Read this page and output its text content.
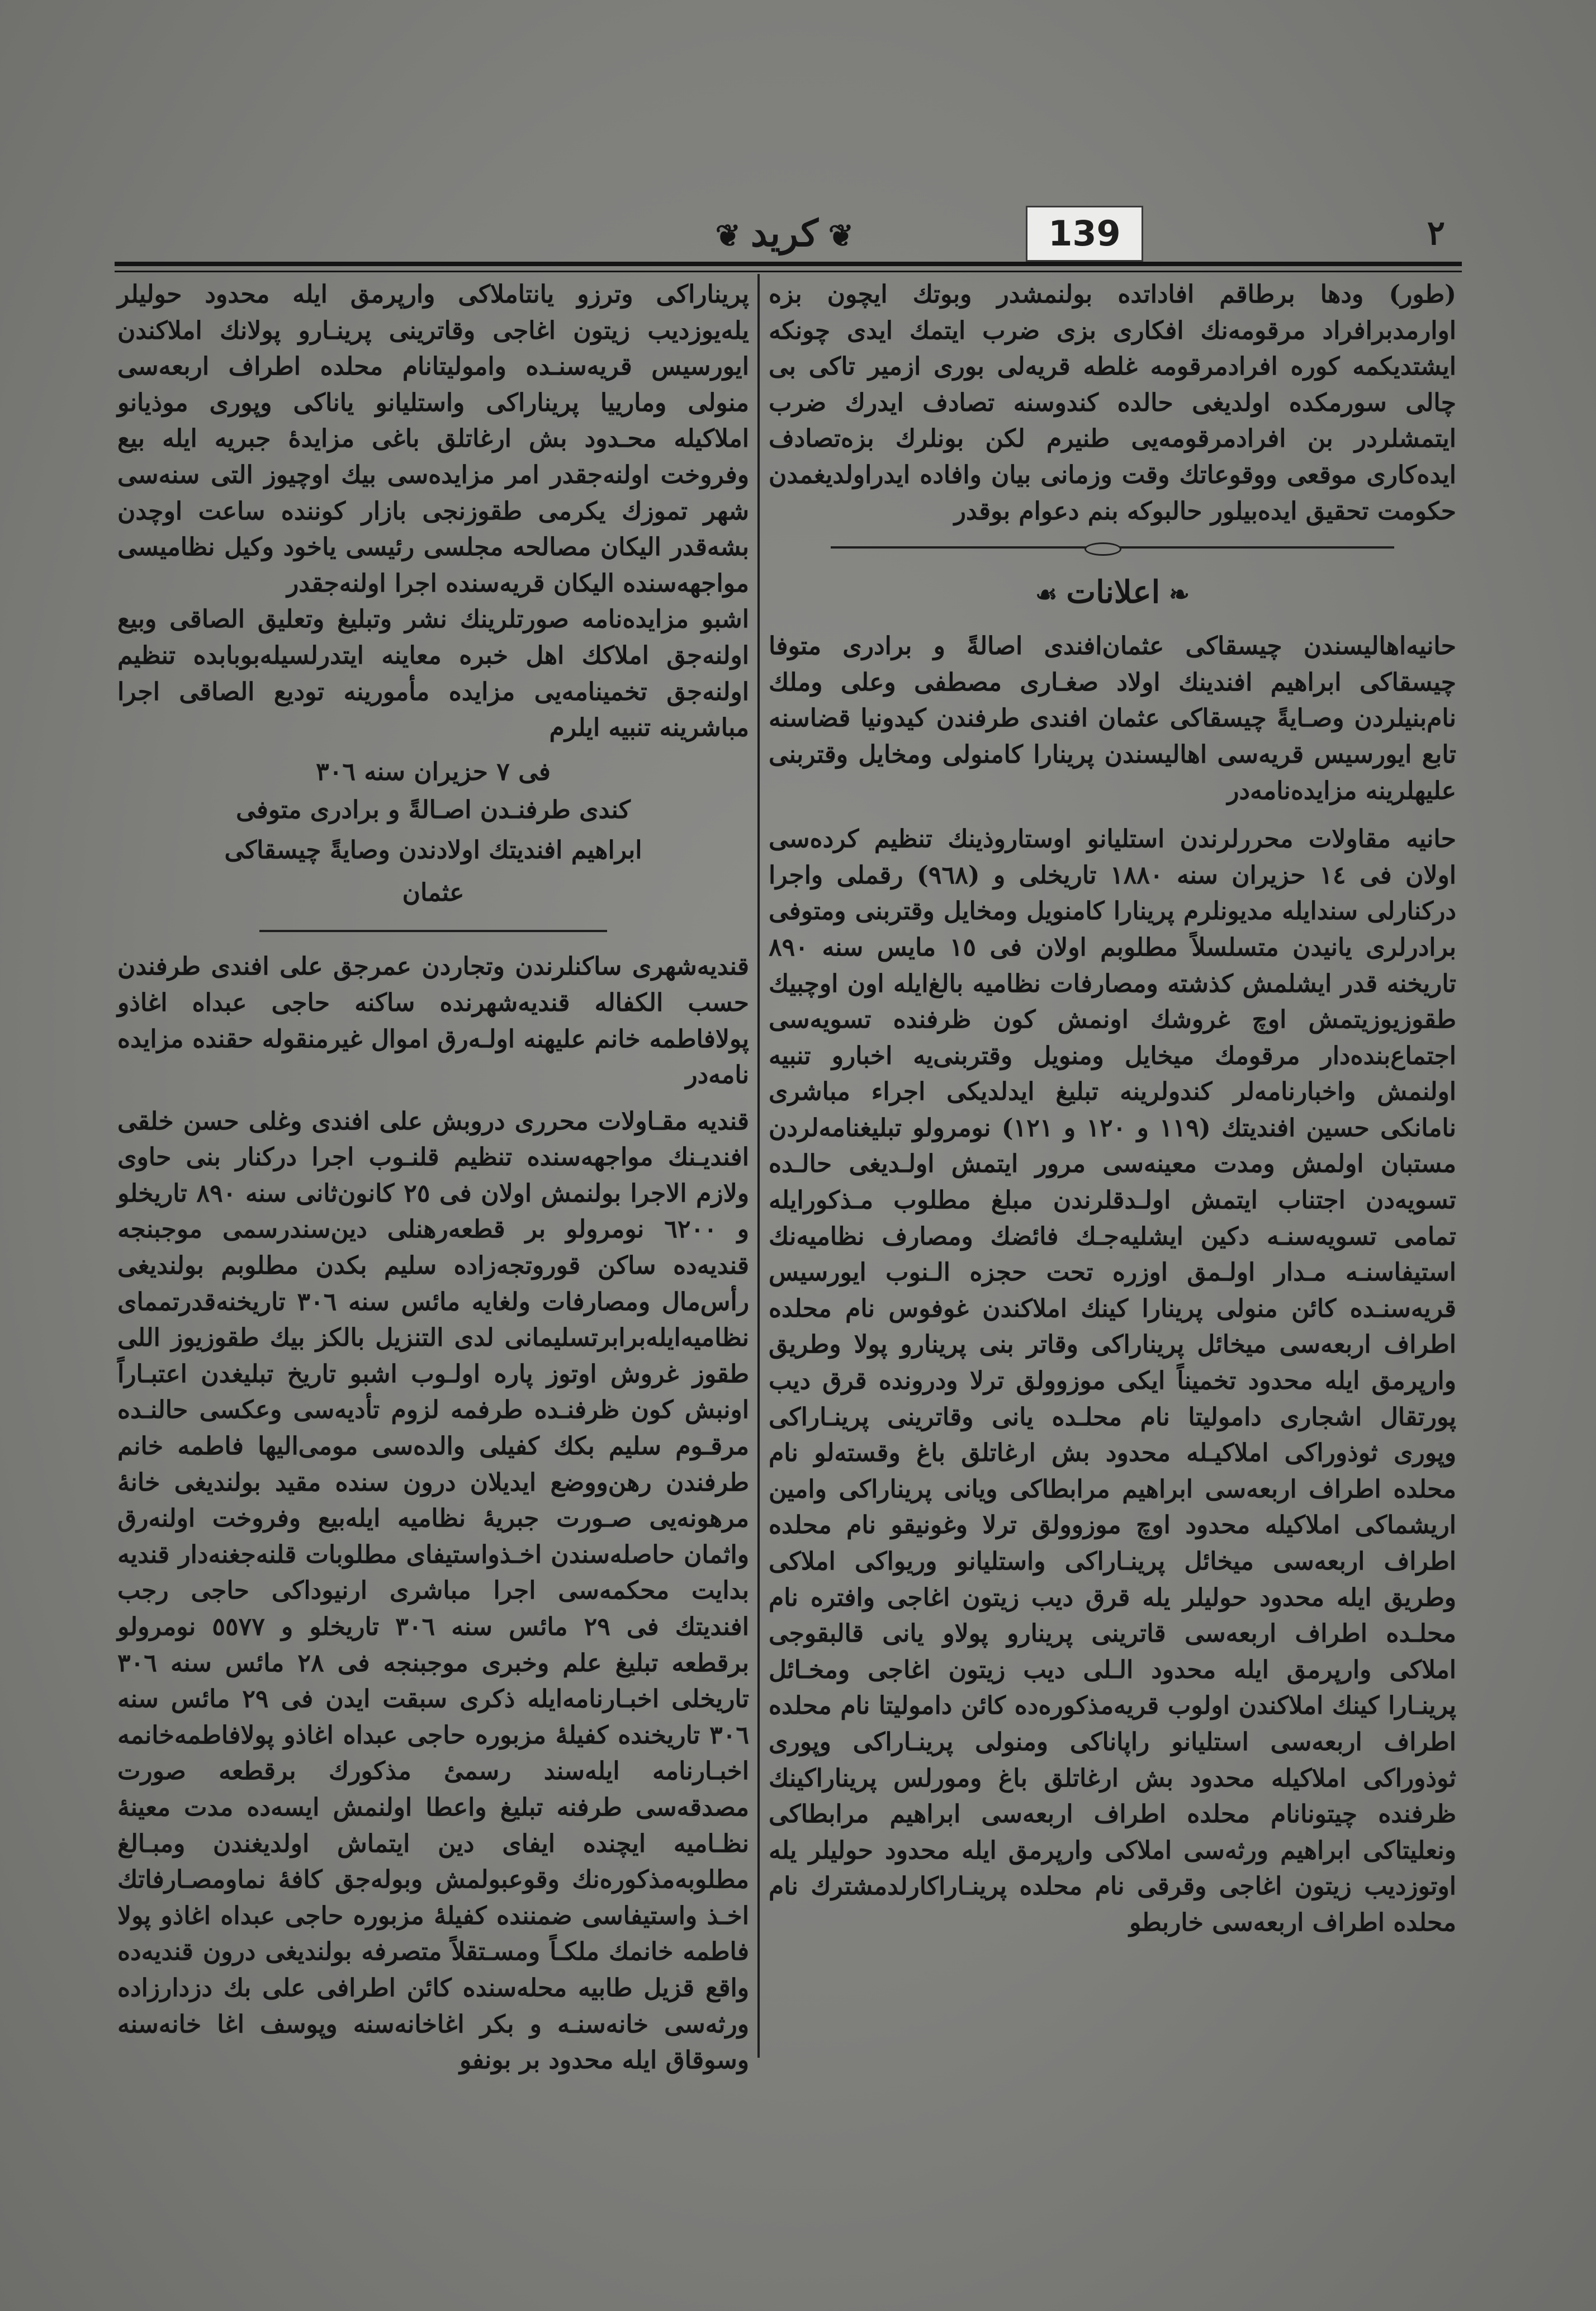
٢
❦كريد❦	139

(طور) ودها برطاقم افاداتده بولنمشدر وبوتك ايچون بزه اوارمدبرافراد مرقومه‌نك افكارى بزى ضرب ايتمك ايدى چونكه ايشتديكمه كوره افرادمرقومه غلطه قريه‌لى بورى ازمير تاكى بى چالى سورمكده اولديغى حالده كندوسنه تصادف ايدرك ضرب ايتمشلردر بن افرادمرقومه‌يى طنيرم لكن بونلرك بزه‌تصادف ايده‌كارى موقعى ووقوعاتك وقت وزمانى بيان وافاده ايدراولديغمدن حكومت تحقيق ايده‌بيلور حالبوكه بنم دعوام بوقدر

❧اعلانات☙

حانيه‌اهاليسندن چيسقاكى عثمان‌افندى اصالةً و برادرى متوفا چيسقاكى ابراهيم افندينك اولاد صغـارى مصطفى وعلى وملك نام‌بنيلردن وصـايةً چيسقاكى عثمان افندى طرفندن كيدونيا قضاسنه تابع ايورسيس قريه‌سى اهاليسندن پرينارا كامنولى ومخايل وقتربنى عليهلرينه مزايده‌نامه‌در

حانيه مقاولات محررلرندن استليانو اوستاروذينك تنظيم كرده‌سى اولان فى ١٤ حزيران سنه ١٨٨٠ تاريخلى و (٩٦٨) رقملى واجرا دركنارلى سندايله مديونلرم پرينارا كامنويل ومخايل وقتربنى ومتوفى برادرلرى يانيدن متسلسلاً مطلوبم اولان فى ١٥ مايس سنه ٨٩٠ تاريخنه قدر ايشلمش كذشته ومصارفات نظاميه بالغ‌ايله اون اوچبيك طقوزيوزيتمش اوچ غروشك اونمش كون ظرفنده تسويه‌سى اجتماع‌بنده‌دار مرقومك ميخايل ومنويل وقتربنى‌يه اخبارو تنبيه اولنمش واخبارنامه‌لر كندولرينه تبليغ ايدلديكى اجراء مباشرى نامانكى حسين افنديتك (١١٩ و ١٢٠ و ١٢١) نومرولو تبليغنامه‌لردن مستبان اولمش ومدت معينه‌سى مرور ايتمش اولـديغى حالـده تسويه‌دن اجتناب ايتمش اولـدقلرندن مبلغ مطلوب مـذكورايله تمامى تسويه‌سنـه دكين ايشليه‌جـك فائضك ومصارف نظاميه‌نك استيفاسنـه مـدار اولـمق اوزره تحت حجزه الـنوب ايورسيس قريه‌سنـده كائن منولى پرينارا كينك املاكندن غوفوس نام محلده اطراف اربعه‌سى ميخائل پريناراكى وقاتر بنى پرينارو پولا وطريق وارپرمق ايله محدود تخميناً ايكى موزوولق ترلا ودرونده قرق ديب پورتقال اشجارى داموليتا نام محلـده يانى وقاترينى پرينـاراكى وپورى ثوذوراكى املاكيـله محدود بش ارغاتلق باغ وقسته‌لو نام محلده اطراف اربعه‌سى ابراهيم مرابطاكى ويانى پريناراكى وامين اريشماكى املاكيله محدود اوچ موزوولق ترلا وغونيقو نام محلده اطراف اربعه‌سى ميخائل پرينـاراكى واستليانو وريواكى املاكى وطريق ايله محدود حوليلر يله قرق ديب زيتون اغاجى وافتره نام محلـده اطراف اربعه‌سى قاترينى پرينارو پولاو يانى قالبقوجى املاكى وارپرمق ايله محدود الـلى ديب زيتون اغاجى ومخـائل پرينـارا كينك املاكندن اولوب قريه‌مذكوره‌ده كائن داموليتا نام محلده اطراف اربعه‌سى استليانو راپاناكى ومنولى پرينـاراكى وپورى ثوذوراكى املاكيله محدود بش ارغاتلق باغ ومورلس پريناراكينك ظرفنده چيتونانام محلده اطراف اربعه‌سى ابراهيم مرابطاكى ونعليتاكى ابراهيم ورثه‌سى املاكى وارپرمق ايله محدود حوليلر يله اوتوزديب زيتون اغاجى وقرقى نام محلده پرينـاراكارلدمشترك نام محلده اطراف اربعه‌سى خاربطو

پريناراكى وترزو يانتاملاكى وارپرمق ايله محدود حوليلر يله‌يوزديب زيتون اغاجى وقاترينى پرينـارو پولانك املاكندن ايورسيس قريه‌سنـده واموليتانام محلده اطراف اربعه‌سى منولى ومارييا پريناراكى واستليانو ياناكى وپورى موذيانو املاكيله محـدود بش ارغاتلق باغى مزايدهٔ جبريه ايله بيع وفروخت اولنه‌جقدر امر مزايده‌سى بيك اوچيوز التى سنه‌سى شهر تموزك يكرمى طقوزنجى بازار كوننده ساعت اوچدن بشه‌قدر اليكان مصالحه مجلسى رئيسى ياخود وكيل نظاميسى مواجهه‌سنده اليكان قريه‌سنده اجرا اولنه‌جقدر

اشبو مزايده‌نامه صورتلرينك نشر وتبليغ وتعليق الصاقى وبيع اولنه‌جق املاكك اهل خبره معاينه ايتدرلسيله‌بوبابده تنظيم اولنه‌جق تخمينامه‌يى مزايده مأمورينه توديع الصاقى اجرا مباشرينه تنبيه ايلرم

فى ٧ حزيران سنه ٣٠٦

كندى طرفنـدن اصـالةً و برادرى متوفى

ابراهيم افنديتك اولادندن وصايةً چيسقاكى

عثمان

قنديه‌شهرى ساكنلرندن وتجاردن عمرجق على افندى طرفندن حسب الكفاله قنديه‌شهرنده ساكنه حاجى عبداه اغاذو پولافاطمه خانم عليهنه اولـه‌رق اموال غيرمنقوله حقنده مزايده نامه‌در

قنديه مقـاولات محررى دروبش على افندى وغلى حسن خلقى افنديـنك مواجهه‌سنده تنظيم قلنـوب اجرا دركنار بنى حاوى ولازم الاجرا بولنمش اولان فى ٢٥ كانون‌ثانى سنه ٨٩٠ تاريخلو و ٦٢٠٠ نومرولو بر قطعه‌رهنلى دين‌سندرسمى موجبنجه قنديه‌ده ساكن قوروتجه‌زاده سليم بكدن مطلوبم بولنديغى رأس‌مال ومصارفات ولغايه مائس سنه ٣٠٦ تاريخنه‌قدرتمماى نظاميه‌ايله‌برابرتسليمانى لدى التنزيل بالكز بيك طقوزيوز اللى طقوز غروش اوتوز پاره اولـوب اشبو تاريخ تبليغدن اعتبـاراً اونبش كون ظرفنـده طرفمه لزوم تأديه‌سى وعكسى حالنـده مرقـوم سليم بكك كفيلى والده‌سى مومى‌اليها فاطمه خانم طرفندن رهن‌ووضع ايديلان درون سنده مقيد بولنديغى خانهٔ مرهونه‌يى صـورت جبريهٔ نظاميه ايله‌بيع وفروخت اولنه‌رق واثمان حاصله‌سندن اخـذواستيفاى مطلوبات قلنه‌جغنه‌دار قنديه بدايت محكمه‌سى اجرا مباشرى ارنيوداكى حاجى رجب افنديتك فى ٢٩ مائس سنه ٣٠٦ تاريخلو و ٥٥٧٧ نومرولو برقطعه تبليغ علم وخبرى موجبنجه فى ٢٨ مائس سنه ٣٠٦ تاريخلى اخبـارنامه‌ايله ذكرى سبقت ايدن فى ٢٩ مائس سنه ٣٠٦ تاريخنده كفيلهٔ مزبوره حاجى عبداه اغاذو پولافاطمه‌خانمه اخبـارنامه ايله‌سند رسمىٔ مذكورك برقطعه صورت مصدقه‌سى طرفنه تبليغ واعطا اولنمش ايسه‌ده مدت معينهٔ نظـاميه ايچنده ايفاى دين ايتماش اولديغندن ومبـالغ مطلوبه‌مذكوره‌نك وقوعبولمش وبوله‌جق كافهٔ نماومصـارفاتك اخـذ واستيفاسى ضمننده كفيلهٔ مزبوره حاجى عبداه اغاذو پولا فاطمه خانمك ملكـاً ومسـتقلاً متصرفه بولنديغى درون قنديه‌ده واقع قزيل طابيه محله‌سنده كائن اطرافى على بك دزدارزاده ورثه‌سى خانه‌سنـه و بكر اغاخانه‌سنه وپوسف اغا خانه‌سنه وسوقاق ايله محدود بر بونفو
